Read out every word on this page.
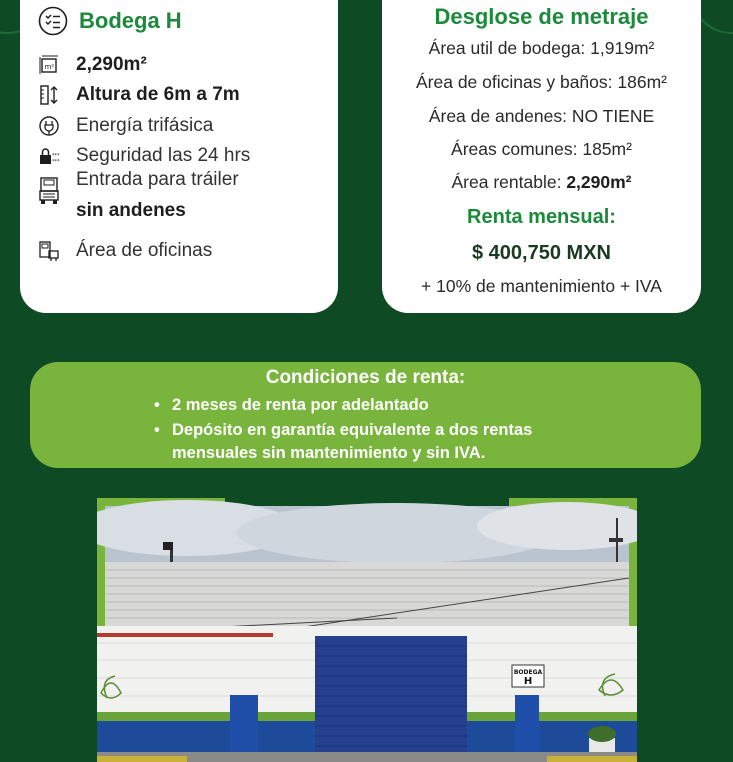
Bodega H
m² 2,290m²
Altura de 6m a 7m
Energía trifásica
***
*** Seguridad las 24 hrs
Entrada para tráiler
sin andenes
Área de oficinas
Desglose de metraje
Área util de bodega: 1,919m²
Área de oficinas y baños: 186m²
Área de andenes: NO TIENE
Áreas comunes: 185m²
Área rentable: 2,290m²
Renta mensual:
$ 400,750 MXN
+ 10% de mantenimiento + IVA
Condiciones de renta:
• 2 meses de renta por adelantado
• Depósito en garantía equivalente a dos rentas mensuales sin mantenimiento y sin IVA.
BODEGA
H
